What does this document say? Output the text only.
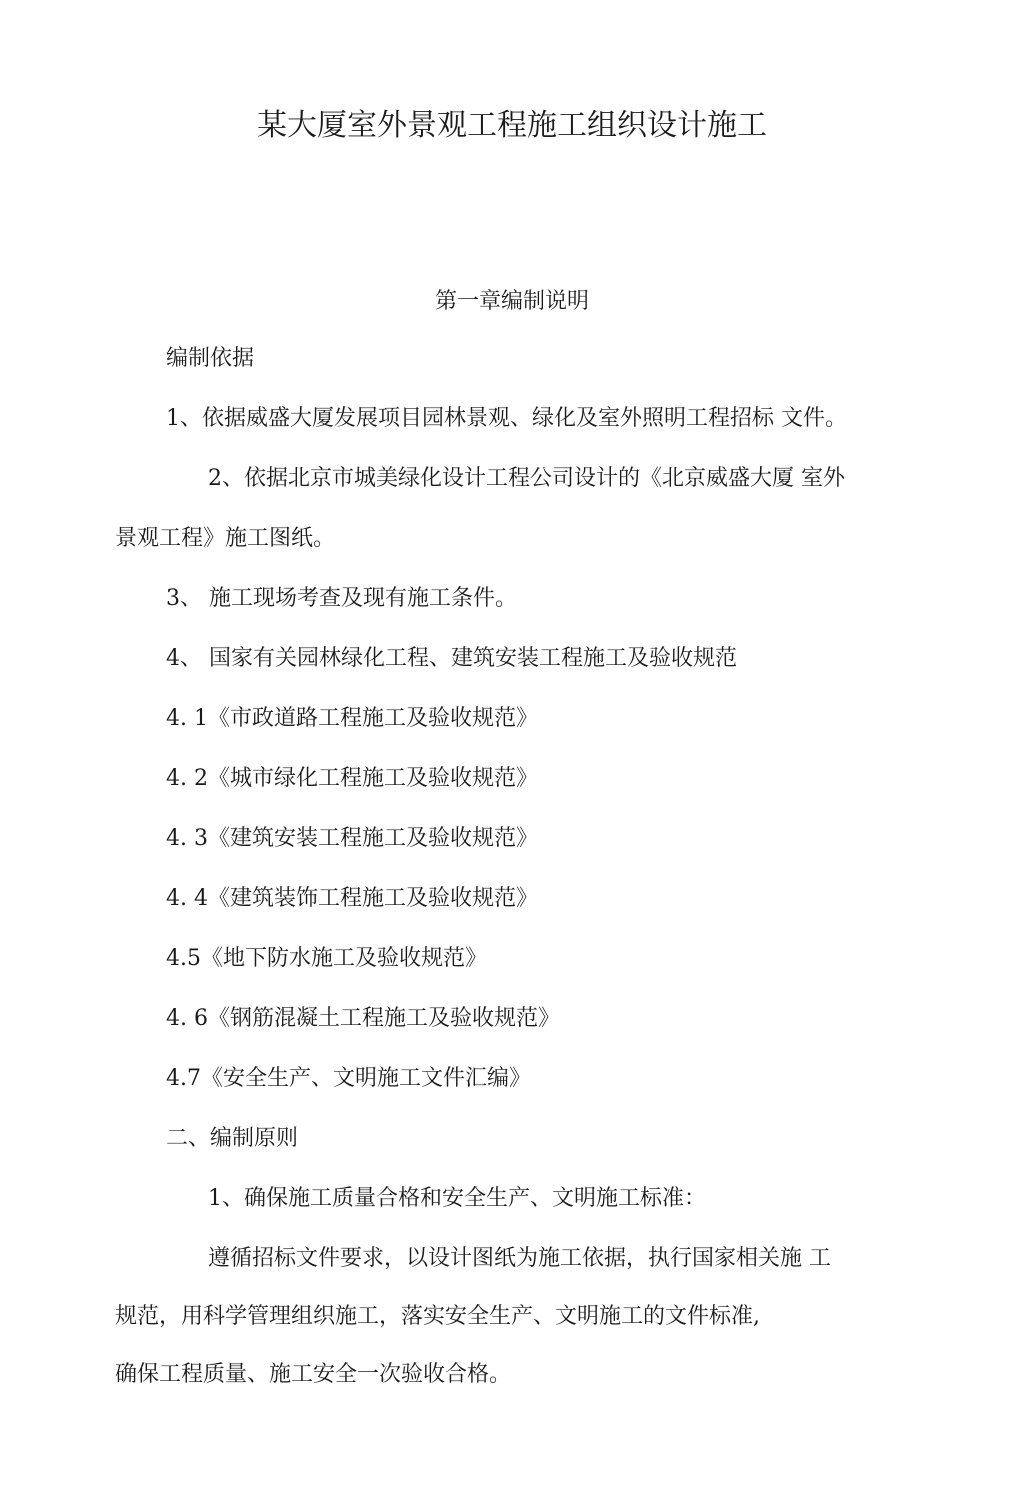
某大厦室外景观工程施工组织设计施工
第一章编制说明
编制依据
1、依据威盛大厦发展项目园林景观、绿化及室外照明工程招标 文件。
2、依据北京市城美绿化设计工程公司设计的《北京威盛大厦 室外
景观工程》施工图纸。
3、 施工现场考查及现有施工条件。
4、 国家有关园林绿化工程、建筑安装工程施工及验收规范
4. 1《市政道路工程施工及验收规范》
4. 2《城市绿化工程施工及验收规范》
4. 3《建筑安装工程施工及验收规范》
4. 4《建筑装饰工程施工及验收规范》
4.5《地下防水施工及验收规范》
4. 6《钢筋混凝土工程施工及验收规范》
4.7《安全生产、文明施工文件汇编》
二、编制原则
1、确保施工质量合格和安全生产、文明施工标准：
遵循招标文件要求，以设计图纸为施工依据，执行国家相关施 工
规范，用科学管理组织施工，落实安全生产、文明施工的文件标准,
确保工程质量、施工安全一次验收合格。
